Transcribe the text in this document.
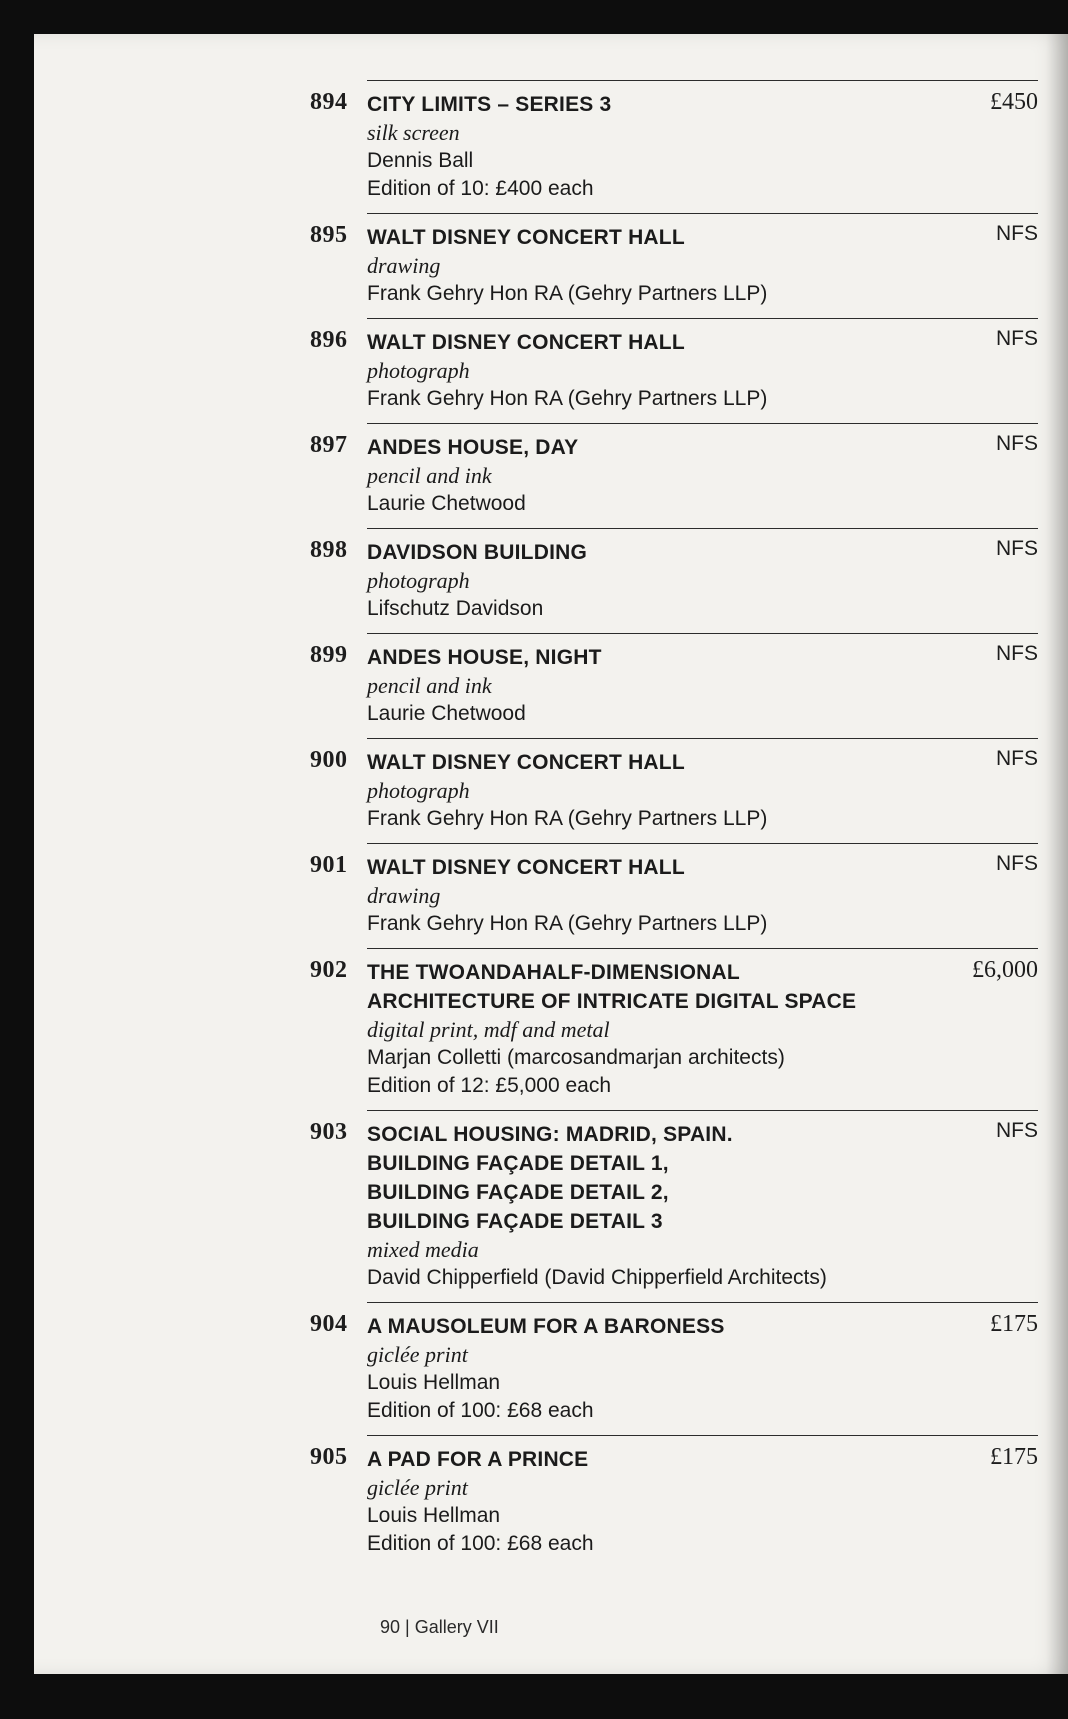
894	£450
CITY LIMITS – SERIES 3
silk screen
Dennis Ball
Edition of 10: £400 each
895	NFS
WALT DISNEY CONCERT HALL
drawing
Frank Gehry Hon RA (Gehry Partners LLP)
896	NFS
WALT DISNEY CONCERT HALL
photograph
Frank Gehry Hon RA (Gehry Partners LLP)
897	NFS
ANDES HOUSE, DAY
pencil and ink
Laurie Chetwood
898	NFS
DAVIDSON BUILDING
photograph
Lifschutz Davidson
899	NFS
ANDES HOUSE, NIGHT
pencil and ink
Laurie Chetwood
900	NFS
WALT DISNEY CONCERT HALL
photograph
Frank Gehry Hon RA (Gehry Partners LLP)
901	NFS
WALT DISNEY CONCERT HALL
drawing
Frank Gehry Hon RA (Gehry Partners LLP)
902	£6,000
THE TWOANDAHALF-DIMENSIONAL
ARCHITECTURE OF INTRICATE DIGITAL SPACE
digital print, mdf and metal
Marjan Colletti (marcosandmarjan architects)
Edition of 12: £5,000 each
903	NFS
SOCIAL HOUSING: MADRID, SPAIN.
BUILDING FAÇADE DETAIL 1,
BUILDING FAÇADE DETAIL 2,
BUILDING FAÇADE DETAIL 3
mixed media
David Chipperfield (David Chipperfield Architects)
904	£175
A MAUSOLEUM FOR A BARONESS
giclée print
Louis Hellman
Edition of 100: £68 each
905	£175
A PAD FOR A PRINCE
giclée print
Louis Hellman
Edition of 100: £68 each
90 | Gallery VII
